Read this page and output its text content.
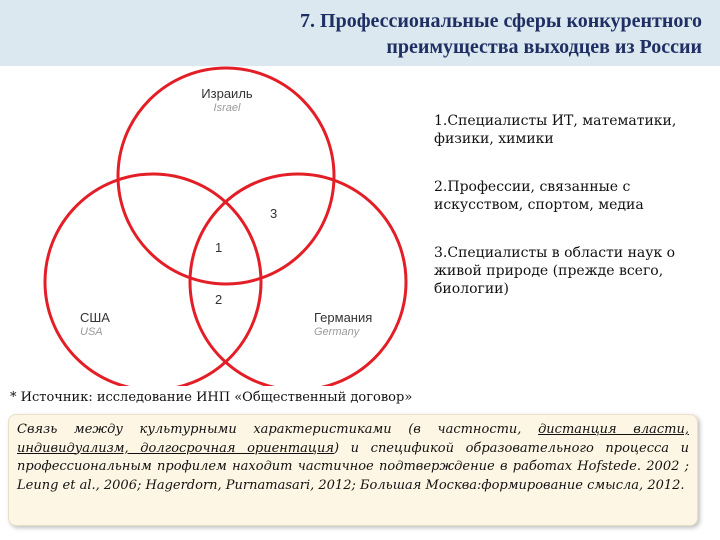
7. Профессиональные сферы конкурентного
преимущества выходцев из России
Израиль
Israel
США
USA
Германия
Germany
1
2
3
1.Специалисты ИТ, математики, физики, химики
2.Профессии, связанные с искусством, спортом, медиа
3.Специалисты в области наук о живой природе (прежде всего, биологии)
* Источник: исследование ИНП «Общественный договор»

Связь между культурными характеристиками (в частности, дистанция власти, индивидуализм, долгосрочная ориентация) и спецификой образовательного процесса и профессиональным профилем находит частичное подтверждение в работах Hofstede. 2002 ; Leung et al., 2006; Hagerdorn, Purnamasari, 2012; Большая Москва:формирование смысла, 2012.
